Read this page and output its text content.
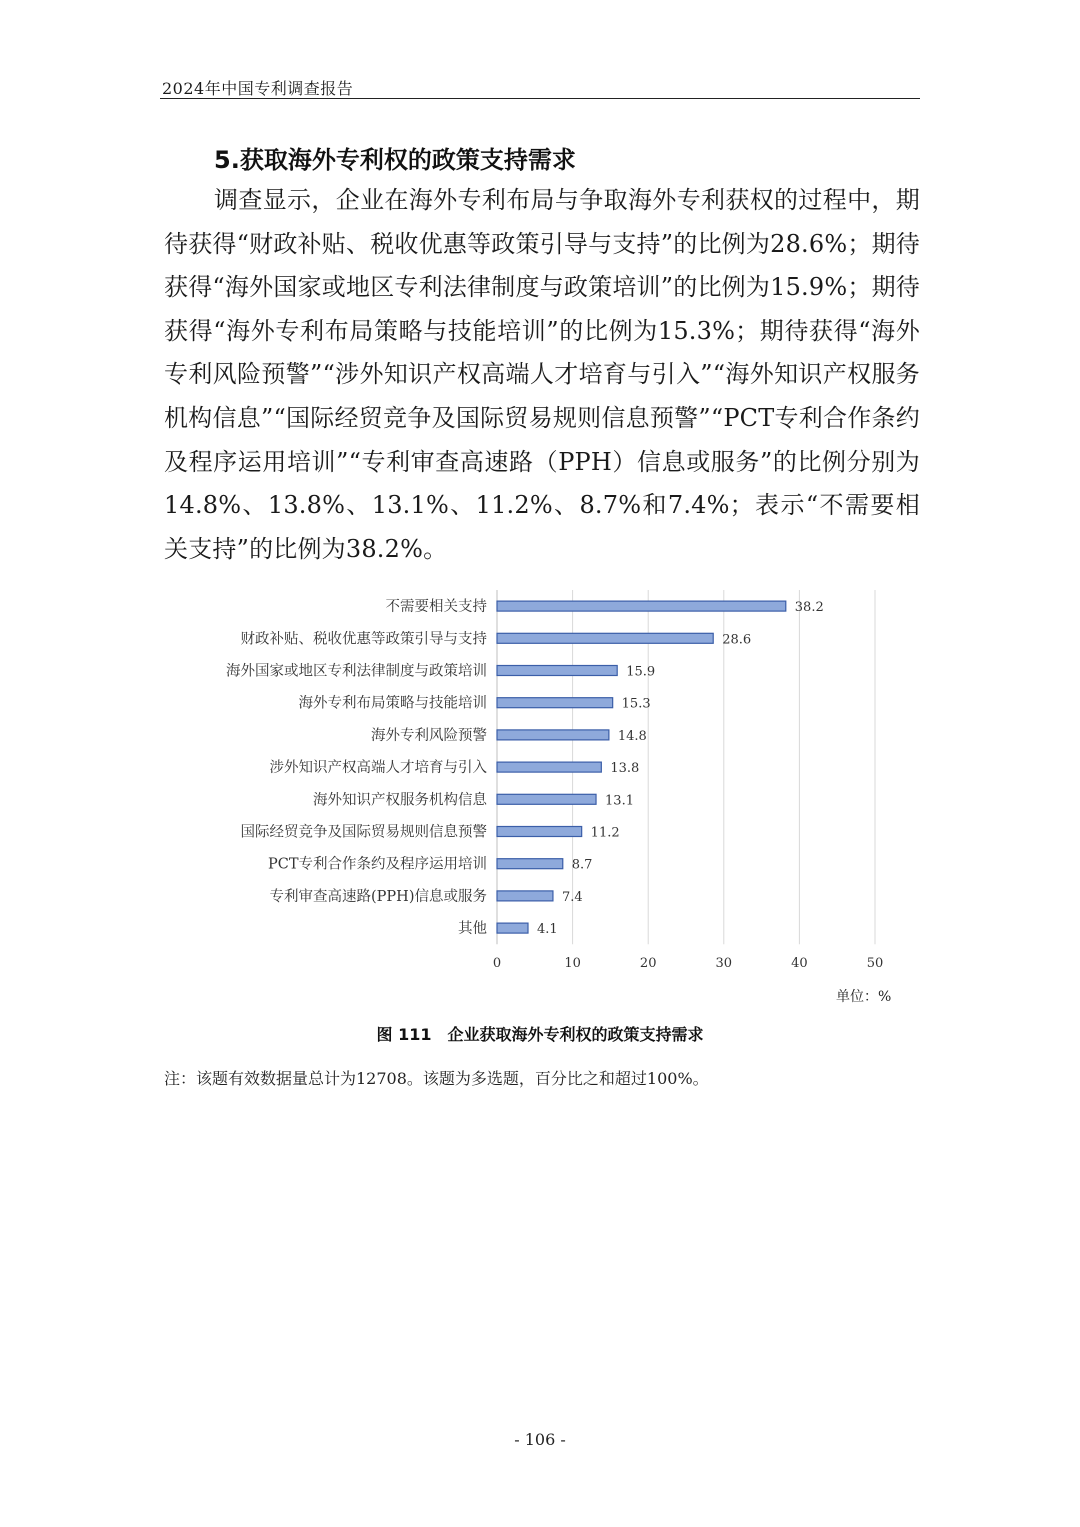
2024年中国专利调查报告
5.获取海外专利权的政策支持需求

调查显示，企业在海外专利布局与争取海外专利获权的过程中，期待获得“财政补贴、税收优惠等政策引导与支持”的比例为28.6%；期待获得“海外国家或地区专利法律制度与政策培训”的比例为15.9%；期待获得“海外专利布局策略与技能培训”的比例为15.3%；期待获得“海外专利风险预警”“涉外知识产权高端人才培育与引入”“海外知识产权服务机构信息”“国际经贸竞争及国际贸易规则信息预警”“PCT专利合作条约及程序运用培训”“专利审查高速路（PPH）信息或服务”的比例分别为14.8%、13.8%、13.1%、11.2%、8.7%和7.4%；表示“不需要相关支持”的比例为38.2%。

0	10	20	30	40	50
不需要相关支持	38.2
财政补贴、税收优惠等政策引导与支持	28.6
海外国家或地区专利法律制度与政策培训	15.9
海外专利布局策略与技能培训	15.3
海外专利风险预警	14.8
涉外知识产权高端人才培育与引入	13.8
海外知识产权服务机构信息	13.1
国际经贸竞争及国际贸易规则信息预警	11.2
PCT专利合作条约及程序运用培训	8.7
专利审查高速路(PPH)信息或服务	7.4
其他	4.1
单位：%
图 111　企业获取海外专利权的政策支持需求
注：该题有效数据量总计为12708。该题为多选题，百分比之和超过100%。
- 106 -
